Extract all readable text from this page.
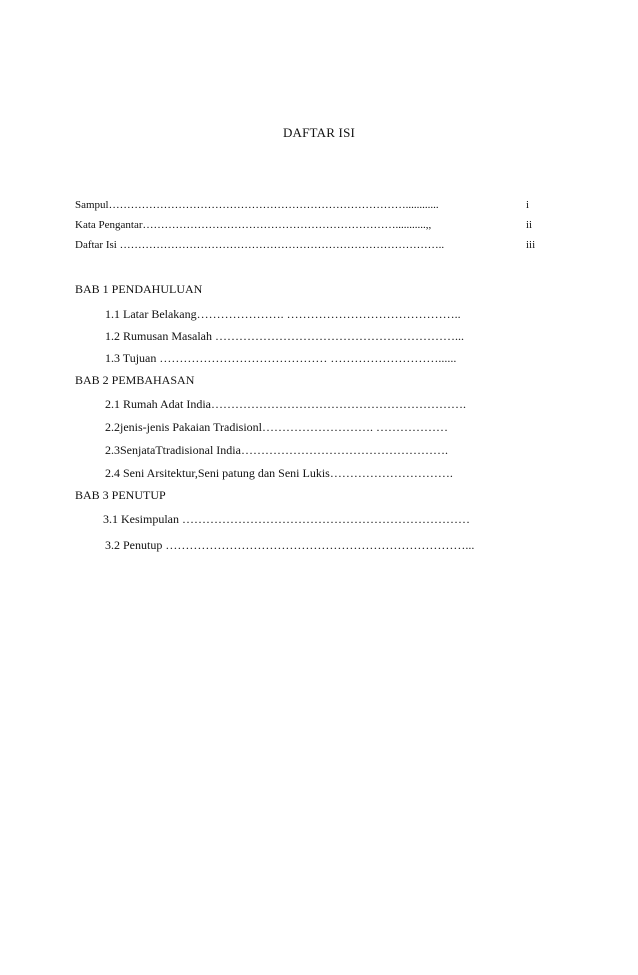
DAFTAR ISI
Sampul………………………………………………………………………............	i
Kata Pengantar……………………………………………………………...........,,	ii
Daftar Isi ……………………………………………………………………………..	iii
BAB 1 PENDAHULUAN
1.1 Latar Belakang…………………. ……………………………………..
1.2 Rumusan Masalah ……………………………………………………...
1.3 Tujuan …………………………………… ………………………......
BAB 2 PEMBAHASAN
2.1 Rumah Adat India……………………………………………………….
2.2jenis-jenis Pakaian Tradisionl………………………. ………………
2.3SenjataTtradisional India…………………………………………….
2.4 Seni Arsitektur,Seni patung dan Seni Lukis………………………….
BAB 3 PENUTUP
3.1 Kesimpulan ………………………………………………………………
3.2 Penutup …………………………………………………………………...
